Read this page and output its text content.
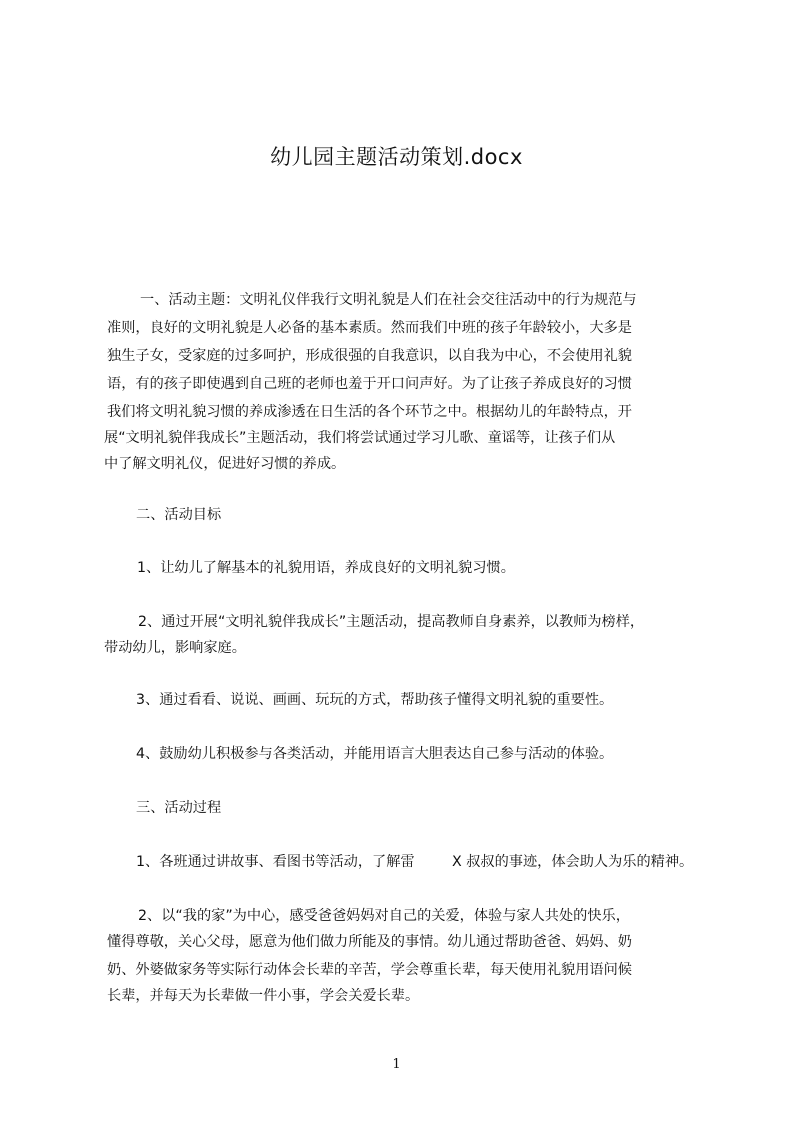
幼儿园主题活动策划.docx
一、活动主题：文明礼仪伴我行文明礼貌是人们在社会交往活动中的行为规范与
准则，良好的文明礼貌是人必备的基本素质。然而我们中班的孩子年龄较小，大多是
独生子女，受家庭的过多呵护，形成很强的自我意识，以自我为中心，不会使用礼貌
语，有的孩子即使遇到自己班的老师也羞于开口问声好。为了让孩子养成良好的习惯
我们将文明礼貌习惯的养成渗透在日生活的各个环节之中。根据幼儿的年龄特点，开
展“文明礼貌伴我成长”主题活动，我们将尝试通过学习儿歌、童谣等，让孩子们从
中了解文明礼仪，促进好习惯的养成。
二、活动目标
1、让幼儿了解基本的礼貌用语，养成良好的文明礼貌习惯。
2、通过开展“文明礼貌伴我成长”主题活动，提高教师自身素养，以教师为榜样，
带动幼儿，影响家庭。
3、通过看看、说说、画画、玩玩的方式，帮助孩子懂得文明礼貌的重要性。
4、鼓励幼儿积极参与各类活动，并能用语言大胆表达自己参与活动的体验。
三、活动过程
1、各班通过讲故事、看图书等活动，了解雷	X 叔叔的事迹，体会助人为乐的精神。
2、以“我的家”为中心，感受爸爸妈妈对自己的关爱，体验与家人共处的快乐，
懂得尊敬，关心父母，愿意为他们做力所能及的事情。幼儿通过帮助爸爸、妈妈、奶
奶、外婆做家务等实际行动体会长辈的辛苦，学会尊重长辈，每天使用礼貌用语问候
长辈，并每天为长辈做一件小事，学会关爱长辈。
1
